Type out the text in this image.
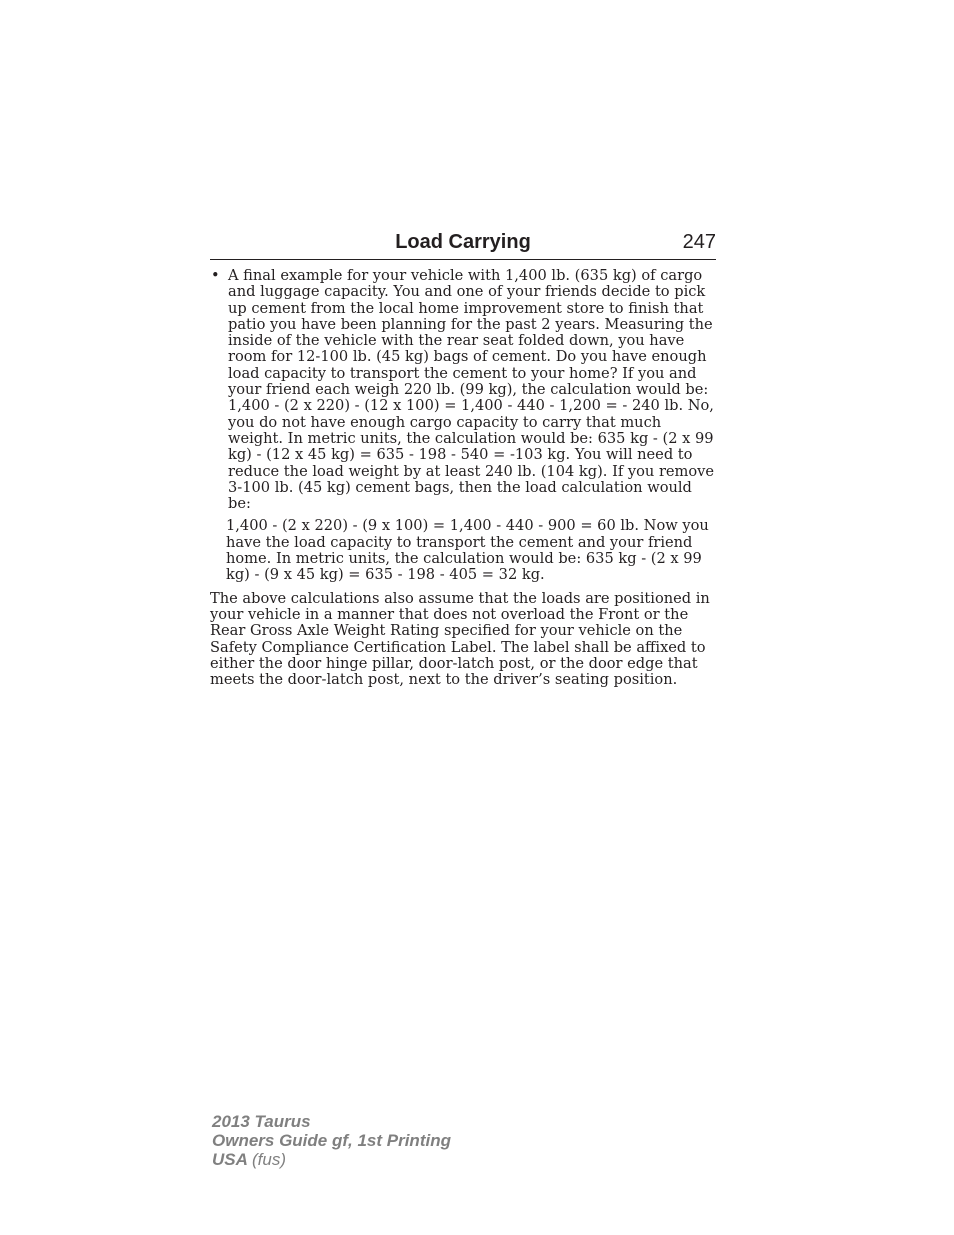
Load Carrying	247
• A final example for your vehicle with 1,400 lb. (635 kg) of cargo and luggage capacity. You and one of your friends decide to pick up cement from the local home improvement store to finish that patio you have been planning for the past 2 years. Measuring the inside of the vehicle with the rear seat folded down, you have room for 12-100 lb. (45 kg) bags of cement. Do you have enough load capacity to transport the cement to your home? If you and your friend each weigh 220 lb. (99 kg), the calculation would be: 1,400 - (2 x 220) - (12 x 100) = 1,400 - 440 - 1,200 = - 240 lb. No, you do not have enough cargo capacity to carry that much weight. In metric units, the calculation would be: 635 kg - (2 x 99 kg) - (12 x 45 kg) = 635 - 198 - 540 = -103 kg. You will need to reduce the load weight by at least 240 lb. (104 kg). If you remove 3-100 lb. (45 kg) cement bags, then the load calculation would be:

1,400 - (2 x 220) - (9 x 100) = 1,400 - 440 - 900 = 60 lb. Now you have the load capacity to transport the cement and your friend home. In metric units, the calculation would be: 635 kg - (2 x 99 kg) - (9 x 45 kg) = 635 - 198 - 405 = 32 kg.

The above calculations also assume that the loads are positioned in your vehicle in a manner that does not overload the Front or the Rear Gross Axle Weight Rating specified for your vehicle on the Safety Compliance Certification Label. The label shall be affixed to either the door hinge pillar, door-latch post, or the door edge that meets the door-latch post, next to the driver’s seating position.

2013 Taurus
Owners Guide gf, 1st Printing
USA (fus)
